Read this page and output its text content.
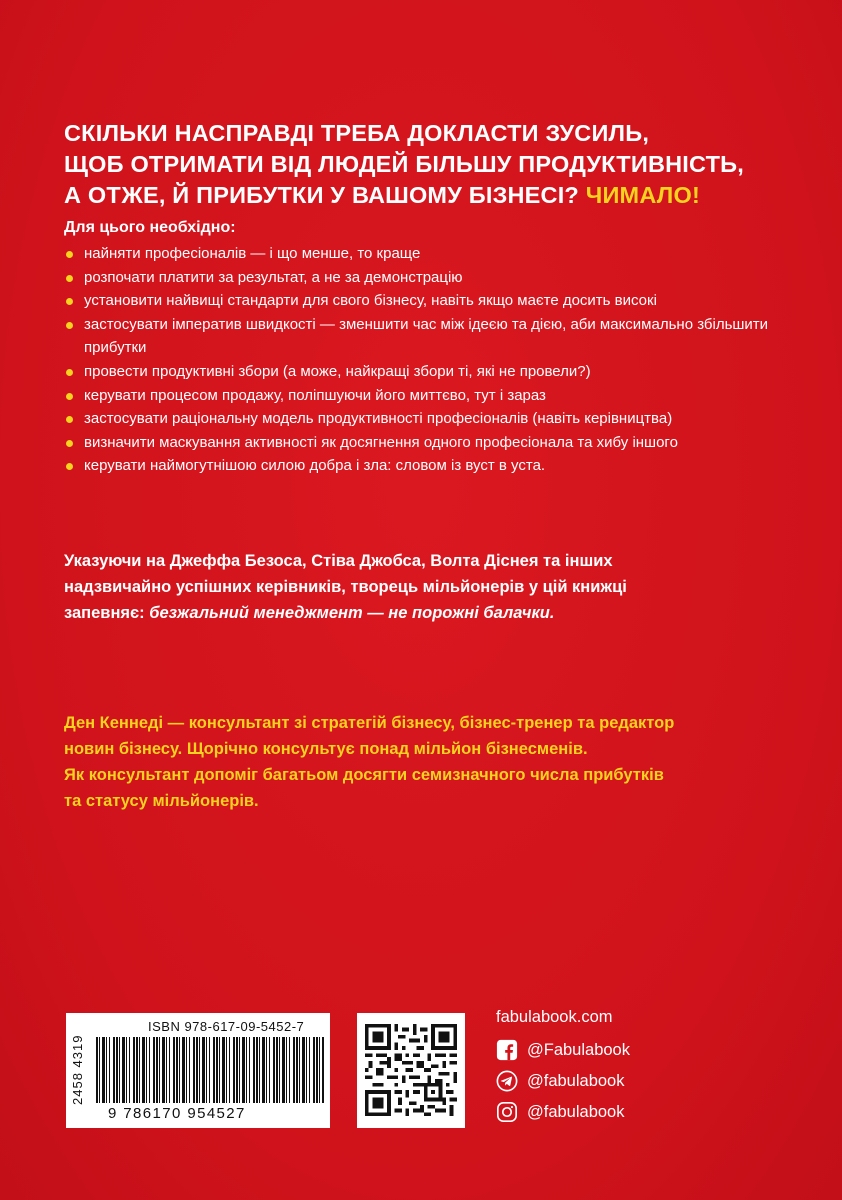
СКІЛЬКИ НАСПРАВДІ ТРЕБА ДОКЛАСТИ ЗУСИЛЬ,
ЩОБ ОТРИМАТИ ВІД ЛЮДЕЙ БІЛЬШУ ПРОДУКТИВНІСТЬ,
А ОТЖЕ, Й ПРИБУТКИ У ВАШОМУ БІЗНЕСІ? ЧИМАЛО!
Для цього необхідно:
найняти професіоналів — і що менше, то краще
розпочати платити за результат, а не за демонстрацію
установити найвищі стандарти для свого бізнесу, навіть якщо маєте досить високі
застосувати імператив швидкості — зменшити час між ідеєю та дією, аби максимально збільшити прибутки
провести продуктивні збори (а може, найкращі збори ті, які не провели?)
керувати процесом продажу, поліпшуючи його миттєво, тут і зараз
застосувати раціональну модель продуктивності професіоналів (навіть керівництва)
визначити маскування активності як досягнення одного професіонала та хибу іншого
керувати наймогутнішою силою добра і зла: словом із вуст в уста.
Указуючи на Джеффа Безоса, Стіва Джобса, Волта Діснея та інших
надзвичайно успішних керівників, творець мільйонерів у цій книжці
запевняє: безжальний менеджмент — не порожні балачки.
Ден Кеннеді — консультант зі стратегій бізнесу, бізнес-тренер та редактор
новин бізнесу. Щорічно консультує понад мільйон бізнесменів.
Як консультант допоміг багатьом досягти семизначного числа прибутків
та статусу мільйонерів.
2458 4319
ISBN 978-617-09-5452-7
9 786170 954527
fabulabook.com
@Fabulabook
@fabulabook
@fabulabook
